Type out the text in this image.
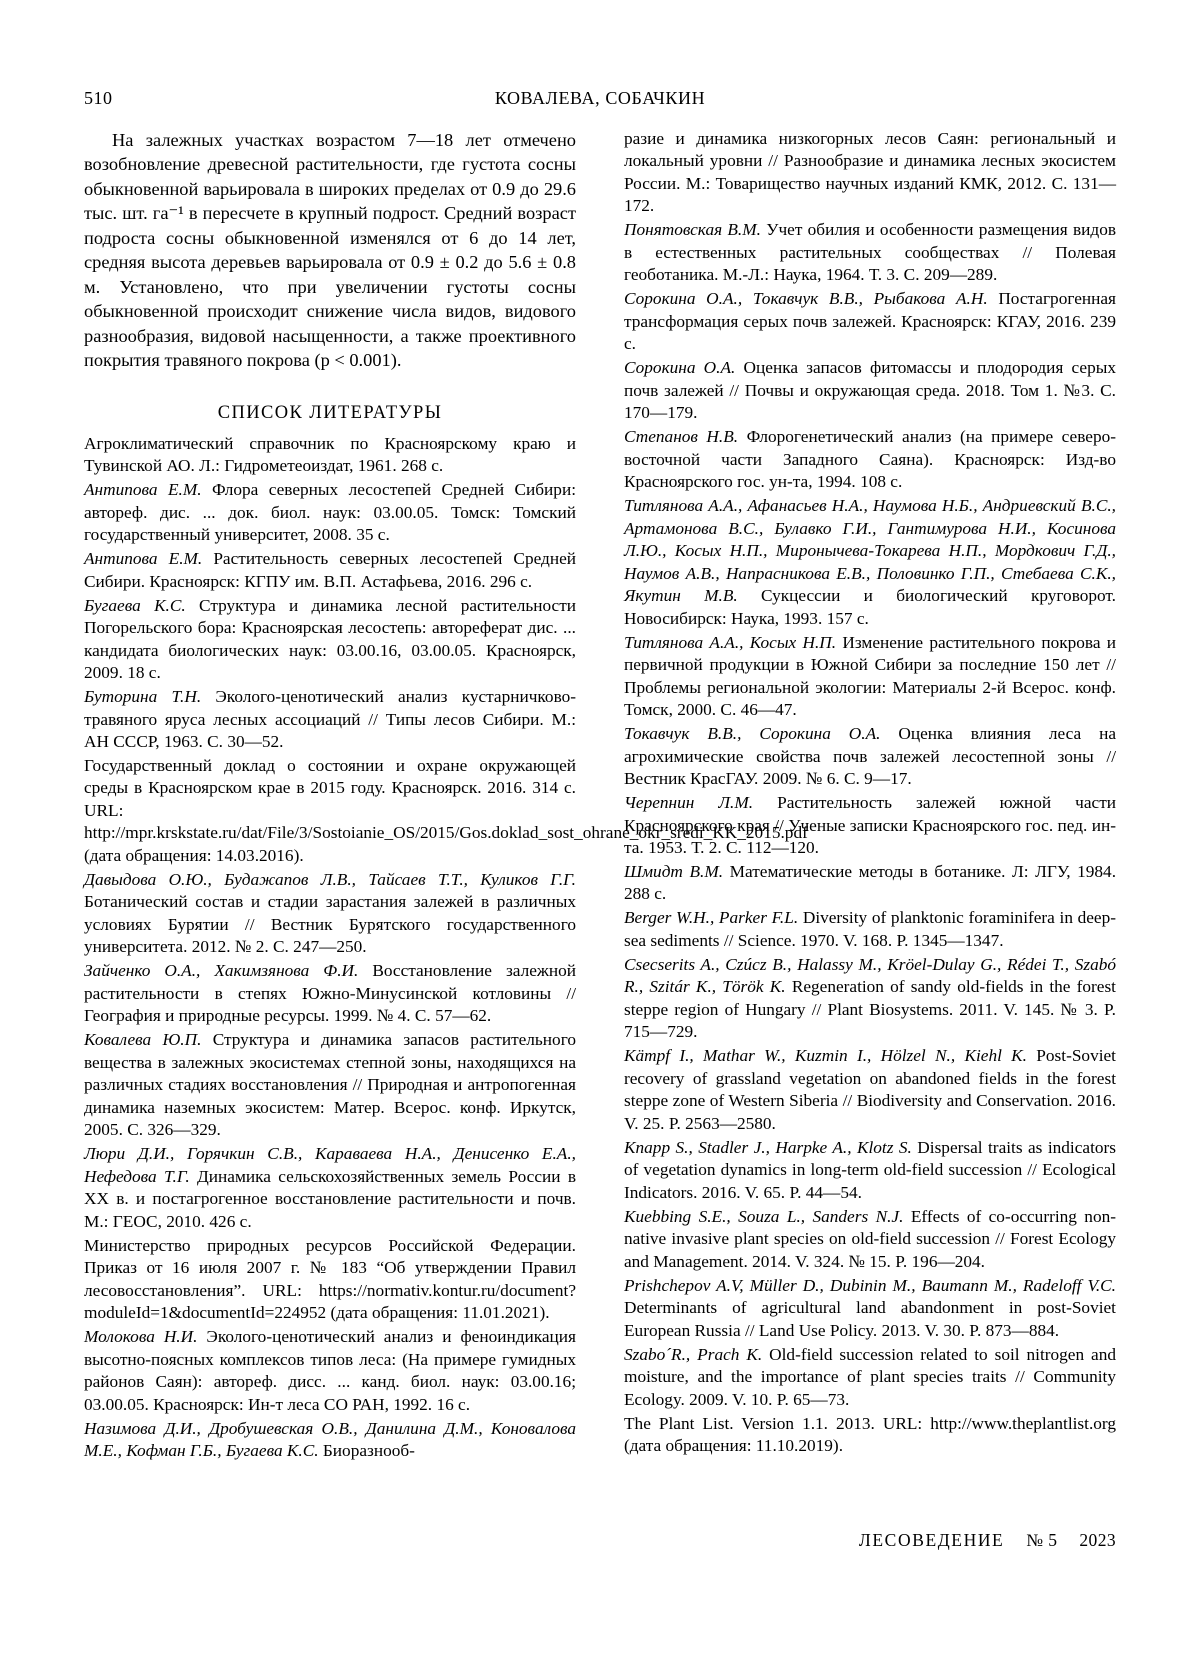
510	КОВАЛЕВА, СОБАЧКИН

На залежных участках возрастом 7—18 лет отмечено возобновление древесной растительности, где густота сосны обыкновенной варьировала в широких пределах от 0.9 до 29.6 тыс. шт. га⁻¹ в пересчете в крупный подрост. Средний возраст подроста сосны обыкновенной изменялся от 6 до 14 лет, средняя высота деревьев варьировала от 0.9 ± 0.2 до 5.6 ± 0.8 м. Установлено, что при увеличении густоты сосны обыкновенной происходит снижение числа видов, видового разнообразия, видовой насыщенности, а также проективного покрытия травяного покрова (p < 0.001).

СПИСОК ЛИТЕРАТУРЫ

Агроклиматический справочник по Красноярскому краю и Тувинской АО. Л.: Гидрометеоиздат, 1961. 268 с.

Антипова Е.М. Флора северных лесостепей Средней Сибири: автореф. дис. ... док. биол. наук: 03.00.05. Томск: Томский государственный университет, 2008. 35 с.

Антипова Е.М. Растительность северных лесостепей Средней Сибири. Красноярск: КГПУ им. В.П. Астафьева, 2016. 296 с.

Бугаева К.С. Структура и динамика лесной растительности Погорельского бора: Красноярская лесостепь: автореферат дис. ... кандидата биологических наук: 03.00.16, 03.00.05. Красноярск, 2009. 18 с.

Буторина Т.Н. Эколого-ценотический анализ кустарничково-травяного яруса лесных ассоциаций // Типы лесов Сибири. М.: АН СССР, 1963. С. 30—52.

Государственный доклад о состоянии и охране окружающей среды в Красноярском крае в 2015 году. Красноярск. 2016. 314 с. URL: http://mpr.krskstate.ru/dat/File/3/Sostoianie_OS/2015/Gos.doklad_sost_ohrane_okr_sredi_KK_2015.pdf (дата обращения: 14.03.2016).

Давыдова О.Ю., Будажапов Л.В., Тайсаев Т.Т., Куликов Г.Г. Ботанический состав и стадии зарастания залежей в различных условиях Бурятии // Вестник Бурятского государственного университета. 2012. № 2. С. 247—250.

Зайченко О.А., Хакимзянова Ф.И. Восстановление залежной растительности в степях Южно-Минусинской котловины // География и природные ресурсы. 1999. № 4. С. 57—62.

Ковалева Ю.П. Структура и динамика запасов растительного вещества в залежных экосистемах степной зоны, находящихся на различных стадиях восстановления // Природная и антропогенная динамика наземных экосистем: Матер. Всерос. конф. Иркутск, 2005. С. 326—329.

Люри Д.И., Горячкин С.В., Караваева Н.А., Денисенко Е.А., Нефедова Т.Г. Динамика сельскохозяйственных земель России в XX в. и постагрогенное восстановление растительности и почв. М.: ГЕОС, 2010. 426 с.

Министерство природных ресурсов Российской Федерации. Приказ от 16 июля 2007 г. № 183 “Об утверждении Правил лесовосстановления”. URL: https://normativ.kontur.ru/document?moduleId=1&documentId=224952 (дата обращения: 11.01.2021).

Молокова Н.И. Эколого-ценотический анализ и феноиндикация высотно-поясных комплексов типов леса: (На примере гумидных районов Саян): автореф. дисс. ... канд. биол. наук: 03.00.16; 03.00.05. Красноярск: Ин-т леса СО РАН, 1992. 16 с.

Назимова Д.И., Дробушевская О.В., Данилина Д.М., Коновалова М.Е., Кофман Г.Б., Бугаева К.С. Биоразнооб-

разие и динамика низкогорных лесов Саян: региональный и локальный уровни // Разнообразие и динамика лесных экосистем России. М.: Товарищество научных изданий КМК, 2012. С. 131—172.

Понятовская В.М. Учет обилия и особенности размещения видов в естественных растительных сообществах // Полевая геоботаника. М.-Л.: Наука, 1964. Т. 3. С. 209—289.

Сорокина О.А., Токавчук В.В., Рыбакова А.Н. Постагрогенная трансформация серых почв залежей. Красноярск: КГАУ, 2016. 239 с.

Сорокина О.А. Оценка запасов фитомассы и плодородия серых почв залежей // Почвы и окружающая среда. 2018. Том 1. №3. С. 170—179.

Степанов Н.В. Флорогенетический анализ (на примере северо-восточной части Западного Саяна). Красноярск: Изд-во Красноярского гос. ун-та, 1994. 108 с.

Титлянова А.А., Афанасьев Н.А., Наумова Н.Б., Андриевский В.С., Артамонова В.С., Булавко Г.И., Гантимурова Н.И., Косинова Л.Ю., Косых Н.П., Миронычева-Токарева Н.П., Мордкович Г.Д., Наумов А.В., Напрасникова Е.В., Половинко Г.П., Стебаева С.К., Якутин М.В. Сукцессии и биологический круговорот. Новосибирск: Наука, 1993. 157 с.

Титлянова А.А., Косых Н.П. Изменение растительного покрова и первичной продукции в Южной Сибири за последние 150 лет // Проблемы региональной экологии: Материалы 2-й Всерос. конф. Томск, 2000. С. 46—47.

Токавчук В.В., Сорокина О.А. Оценка влияния леса на агрохимические свойства почв залежей лесостепной зоны // Вестник КрасГАУ. 2009. № 6. С. 9—17.

Черепнин Л.М. Растительность залежей южной части Красноярского края // Ученые записки Красноярского гос. пед. ин-та. 1953. Т. 2. С. 112—120.

Шмидт В.М. Математические методы в ботанике. Л: ЛГУ, 1984. 288 с.

Berger W.H., Parker F.L. Diversity of planktonic foraminifera in deep-sea sediments // Science. 1970. V. 168. P. 1345—1347.

Csecserits A., Czúcz B., Halassy M., Kröel-Dulay G., Rédei T., Szabó R., Szitár K., Török K. Regeneration of sandy old-fields in the forest steppe region of Hungary // Plant Biosystems. 2011. V. 145. № 3. P. 715—729.

Kämpf I., Mathar W., Kuzmin I., Hölzel N., Kiehl K. Post-Soviet recovery of grassland vegetation on abandoned fields in the forest steppe zone of Western Siberia // Biodiversity and Conservation. 2016. V. 25. P. 2563—2580.

Knapp S., Stadler J., Harpke A., Klotz S. Dispersal traits as indicators of vegetation dynamics in long-term old-field succession // Ecological Indicators. 2016. V. 65. P. 44—54.

Kuebbing S.E., Souza L., Sanders N.J. Effects of co-occurring non-native invasive plant species on old-field succession // Forest Ecology and Management. 2014. V. 324. № 15. P. 196—204.

Prishchepov A.V, Müller D., Dubinin M., Baumann M., Radeloff V.C. Determinants of agricultural land abandonment in post-Soviet European Russia // Land Use Policy. 2013. V. 30. P. 873—884.

Szabo´R., Prach K. Old-field succession related to soil nitrogen and moisture, and the importance of plant species traits // Community Ecology. 2009. V. 10. P. 65—73.

The Plant List. Version 1.1. 2013. URL: http://www.theplantlist.org (дата обращения: 11.10.2019).

ЛЕСОВЕДЕНИЕ № 5 2023
